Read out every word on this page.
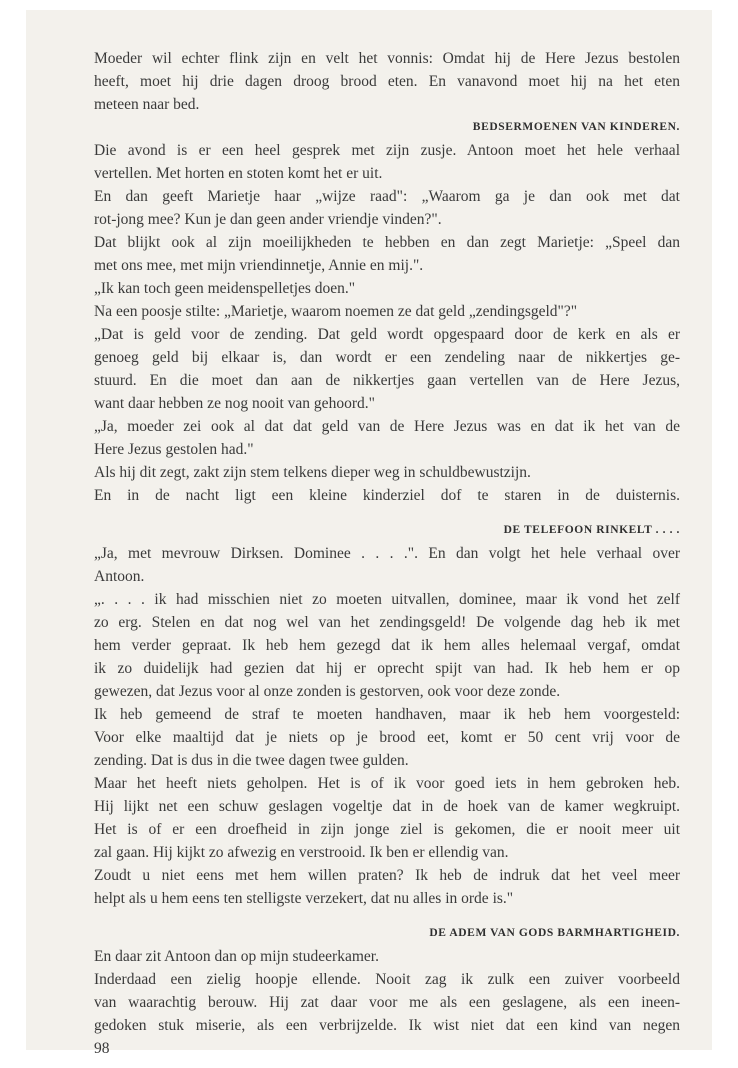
Moeder wil echter flink zijn en velt het vonnis: Omdat hij de Here Jezus bestolen
heeft, moet hij drie dagen droog brood eten. En vanavond moet hij na het eten
meteen naar bed.
BEDSERMOENEN VAN KINDEREN.
Die avond is er een heel gesprek met zijn zusje. Antoon moet het hele verhaal
vertellen. Met horten en stoten komt het er uit.
En dan geeft Marietje haar „wijze raad": „Waarom ga je dan ook met dat
rot-jong mee? Kun je dan geen ander vriendje vinden?".
Dat blijkt ook al zijn moeilijkheden te hebben en dan zegt Marietje: „Speel dan
met ons mee, met mijn vriendinnetje, Annie en mij.".
„Ik kan toch geen meidenspelletjes doen."
Na een poosje stilte: „Marietje, waarom noemen ze dat geld „zendingsgeld"?"
„Dat is geld voor de zending. Dat geld wordt opgespaard door de kerk en als er
genoeg geld bij elkaar is, dan wordt er een zendeling naar de nikkertjes ge-
stuurd. En die moet dan aan de nikkertjes gaan vertellen van de Here Jezus,
want daar hebben ze nog nooit van gehoord."
„Ja, moeder zei ook al dat dat geld van de Here Jezus was en dat ik het van de
Here Jezus gestolen had."
Als hij dit zegt, zakt zijn stem telkens dieper weg in schuldbewustzijn.
En in de nacht ligt een kleine kinderziel dof te staren in de duisternis.
DE TELEFOON RINKELT . . . .
„Ja, met mevrouw Dirksen. Dominee . . . .". En dan volgt het hele verhaal over
Antoon.
„. . . . ik had misschien niet zo moeten uitvallen, dominee, maar ik vond het zelf
zo erg. Stelen en dat nog wel van het zendingsgeld! De volgende dag heb ik met
hem verder gepraat. Ik heb hem gezegd dat ik hem alles helemaal vergaf, omdat
ik zo duidelijk had gezien dat hij er oprecht spijt van had. Ik heb hem er op
gewezen, dat Jezus voor al onze zonden is gestorven, ook voor deze zonde.
Ik heb gemeend de straf te moeten handhaven, maar ik heb hem voorgesteld:
Voor elke maaltijd dat je niets op je brood eet, komt er 50 cent vrij voor de
zending. Dat is dus in die twee dagen twee gulden.
Maar het heeft niets geholpen. Het is of ik voor goed iets in hem gebroken heb.
Hij lijkt net een schuw geslagen vogeltje dat in de hoek van de kamer wegkruipt.
Het is of er een droefheid in zijn jonge ziel is gekomen, die er nooit meer uit
zal gaan. Hij kijkt zo afwezig en verstrooid. Ik ben er ellendig van.
Zoudt u niet eens met hem willen praten? Ik heb de indruk dat het veel meer
helpt als u hem eens ten stelligste verzekert, dat nu alles in orde is."
DE ADEM VAN GODS BARMHARTIGHEID.
En daar zit Antoon dan op mijn studeerkamer.
Inderdaad een zielig hoopje ellende. Nooit zag ik zulk een zuiver voorbeeld
van waarachtig berouw. Hij zat daar voor me als een geslagene, als een ineen-
gedoken stuk miserie, als een verbrijzelde. Ik wist niet dat een kind van negen
98
